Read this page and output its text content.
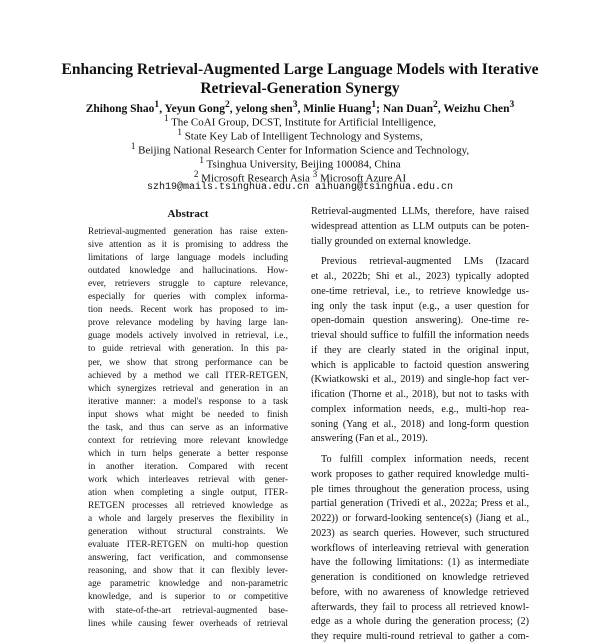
Enhancing Retrieval-Augmented Large Language Models with Iterative
Retrieval-Generation Synergy
Zhihong Shao$^1$, Yeyun Gong$^2$, yelong shen$^3$, Minlie Huang$^1$; Nan Duan$^2$, Weizhu Chen$^3$
$^1$ The CoAI Group, DCST, Institute for Artificial Intelligence,
$^1$ State Key Lab of Intelligent Technology and Systems,
$^1$ Beijing National Research Center for Information Science and Technology,
$^1$ Tsinghua University, Beijing 100084, China
$^2$ Microsoft Research Asia $^3$ Microsoft Azure AI
szh19@mails.tsinghua.edu.cn aihuang@tsinghua.edu.cn
Abstract
Retrieval-augmented generation has raise exten-
sive attention as it is promising to address the
limitations of large language models including
outdated knowledge and hallucinations. How-
ever, retrievers struggle to capture relevance,
especially for queries with complex informa-
tion needs. Recent work has proposed to im-
prove relevance modeling by having large lan-
guage models actively involved in retrieval, i.e.,
to guide retrieval with generation. In this pa-
per, we show that strong performance can be
achieved by a method we call ITER-RETGEN,
which synergizes retrieval and generation in an
iterative manner: a model's response to a task
input shows what might be needed to finish
the task, and thus can serve as an informative
context for retrieving more relevant knowledge
which in turn helps generate a better response
in another iteration. Compared with recent
work which interleaves retrieval with gener-
ation when completing a single output, ITER-
RETGEN processes all retrieved knowledge as
a whole and largely preserves the flexibility in
generation without structural constraints. We
evaluate ITER-RETGEN on multi-hop question
answering, fact verification, and commonsense
reasoning, and show that it can flexibly lever-
age parametric knowledge and non-parametric
knowledge, and is superior to or competitive
with state-of-the-art retrieval-augmented base-
lines while causing fewer overheads of retrieval
Retrieval-augmented LLMs, therefore, have raised
widespread attention as LLM outputs can be poten-
tially grounded on external knowledge.
Previous retrieval-augmented LMs (Izacard
et al., 2022b; Shi et al., 2023) typically adopted
one-time retrieval, i.e., to retrieve knowledge us-
ing only the task input (e.g., a user question for
open-domain question answering). One-time re-
trieval should suffice to fulfill the information needs
if they are clearly stated in the original input,
which is applicable to factoid question answering
(Kwiatkowski et al., 2019) and single-hop fact ver-
ification (Thorne et al., 2018), but not to tasks with
complex information needs, e.g., multi-hop rea-
soning (Yang et al., 2018) and long-form question
answering (Fan et al., 2019).
To fulfill complex information needs, recent
work proposes to gather required knowledge multi-
ple times throughout the generation process, using
partial generation (Trivedi et al., 2022a; Press et al.,
2022)) or forward-looking sentence(s) (Jiang et al.,
2023) as search queries. However, such structured
workflows of interleaving retrieval with generation
have the following limitations: (1) as intermediate
generation is conditioned on knowledge retrieved
before, with no awareness of knowledge retrieved
afterwards, they fail to process all retrieved knowl-
edge as a whole during the generation process; (2)
they require multi-round retrieval to gather a com-
